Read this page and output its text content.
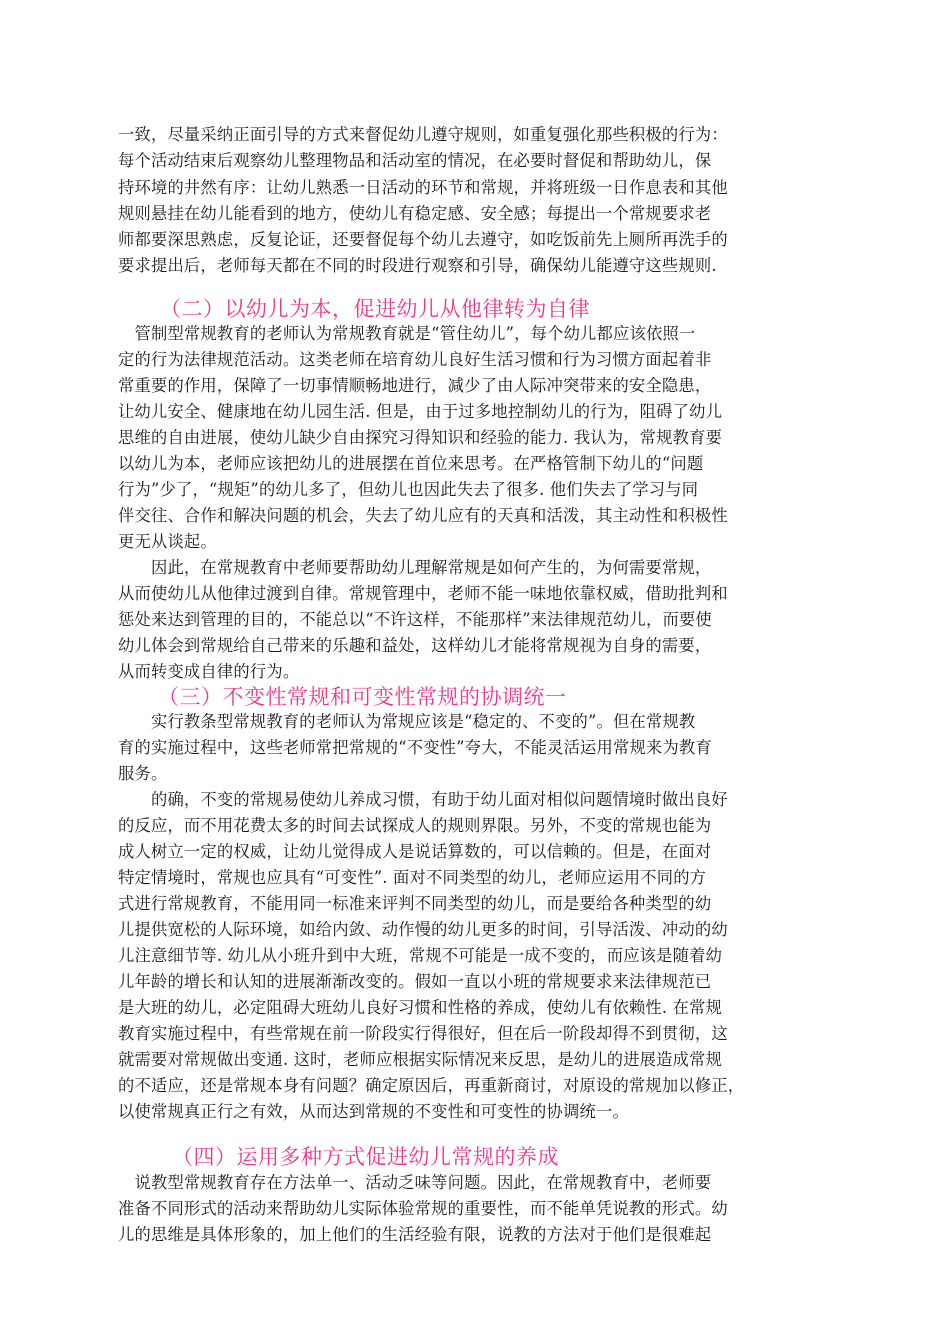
一致，尽量采纳正面引导的方式来督促幼儿遵守规则，如重复强化那些积极的行为：
每个活动结束后观察幼儿整理物品和活动室的情况，在必要时督促和帮助幼儿，保
持环境的井然有序：让幼儿熟悉一日活动的环节和常规，并将班级一日作息表和其他
规则悬挂在幼儿能看到的地方，使幼儿有稳定感、安全感；每提出一个常规要求老
师都要深思熟虑，反复论证，还要督促每个幼儿去遵守，如吃饭前先上厕所再洗手的
要求提出后，老师每天都在不同的时段进行观察和引导，确保幼儿能遵守这些规则.
（二）以幼儿为本，促进幼儿从他律转为自律
　管制型常规教育的老师认为常规教育就是“管住幼儿”，每个幼儿都应该依照一
定的行为法律规范活动。这类老师在培育幼儿良好生活习惯和行为习惯方面起着非
常重要的作用，保障了一切事情顺畅地进行，减少了由人际冲突带来的安全隐患，
让幼儿安全、健康地在幼儿园生活. 但是，由于过多地控制幼儿的行为，阻碍了幼儿
思维的自由进展，使幼儿缺少自由探究习得知识和经验的能力. 我认为，常规教育要
以幼儿为本，老师应该把幼儿的进展摆在首位来思考。在严格管制下幼儿的“问题
行为”少了，“规矩”的幼儿多了，但幼儿也因此失去了很多. 他们失去了学习与同
伴交往、合作和解决问题的机会，失去了幼儿应有的天真和活泼，其主动性和积极性
更无从谈起。
　　因此，在常规教育中老师要帮助幼儿理解常规是如何产生的，为何需要常规，
从而使幼儿从他律过渡到自律。常规管理中，老师不能一味地依靠权威，借助批判和
惩处来达到管理的目的，不能总以“不许这样，不能那样”来法律规范幼儿，而要使
幼儿体会到常规给自己带来的乐趣和益处，这样幼儿才能将常规视为自身的需要，
从而转变成自律的行为。
（三）不变性常规和可变性常规的协调统一
　　实行教条型常规教育的老师认为常规应该是“稳定的、不变的”。但在常规教
育的实施过程中，这些老师常把常规的“不变性”夸大，不能灵活运用常规来为教育
服务。
　　的确，不变的常规易使幼儿养成习惯，有助于幼儿面对相似问题情境时做出良好
的反应，而不用花费太多的时间去试探成人的规则界限。另外，不变的常规也能为
成人树立一定的权威，让幼儿觉得成人是说话算数的，可以信赖的。但是，在面对
特定情境时，常规也应具有“可变性”. 面对不同类型的幼儿，老师应运用不同的方
式进行常规教育，不能用同一标准来评判不同类型的幼儿，而是要给各种类型的幼
儿提供宽松的人际环境，如给内敛、动作慢的幼儿更多的时间，引导活泼、冲动的幼
儿注意细节等. 幼儿从小班升到中大班，常规不可能是一成不变的，而应该是随着幼
儿年龄的增长和认知的进展渐渐改变的。假如一直以小班的常规要求来法律规范已
是大班的幼儿，必定阻碍大班幼儿良好习惯和性格的养成，使幼儿有依赖性. 在常规
教育实施过程中，有些常规在前一阶段实行得很好，但在后一阶段却得不到贯彻，这
就需要对常规做出变通. 这时，老师应根据实际情况来反思，是幼儿的进展造成常规
的不适应，还是常规本身有问题？确定原因后，再重新商讨，对原设的常规加以修正，
以使常规真正行之有效，从而达到常规的不变性和可变性的协调统一。
（四）运用多种方式促进幼儿常规的养成
　说教型常规教育存在方法单一、活动乏味等问题。因此，在常规教育中，老师要
准备不同形式的活动来帮助幼儿实际体验常规的重要性，而不能单凭说教的形式。幼
儿的思维是具体形象的，加上他们的生活经验有限，说教的方法对于他们是很难起
